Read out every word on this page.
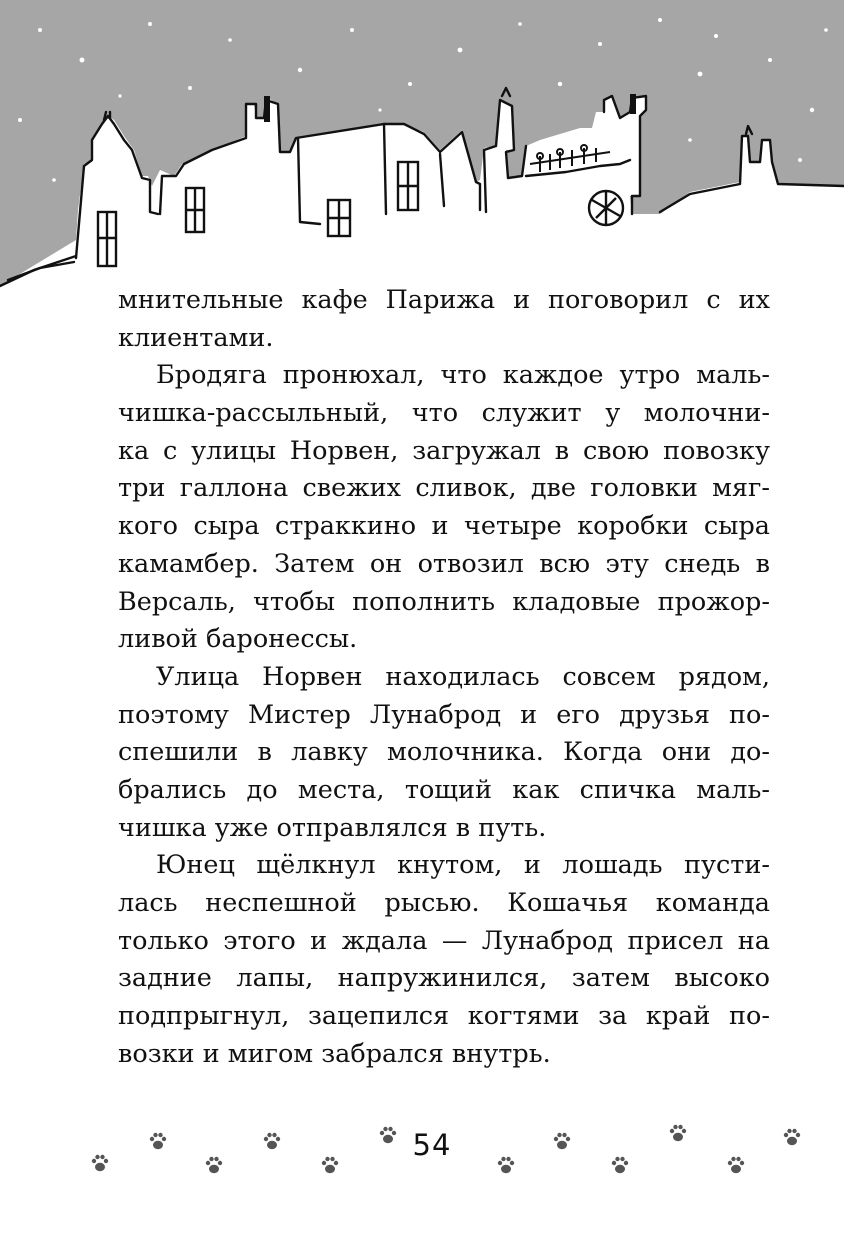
мнительные кафе Парижа и поговорил с их
клиентами.
Бродяга пронюхал, что каждое утро маль-
чишка-рассыльный, что служит у молочни-
ка с улицы Норвен, загружал в свою повозку
три галлона свежих сливок, две головки мяг-
кого сыра страккино и четыре коробки сыра
камамбер. Затем он отвозил всю эту снедь в
Версаль, чтобы пополнить кладовые прожор-
ливой баронессы.
Улица Норвен находилась совсем рядом,
поэтому Мистер Лунаброд и его друзья по-
спешили в лавку молочника. Когда они до-
брались до места, тощий как спичка маль-
чишка уже отправлялся в путь.
Юнец щёлкнул кнутом, и лошадь пусти-
лась неспешной рысью. Кошачья команда
только этого и ждала — Лунаброд присел на
задние лапы, напружинился, затем высоко
подпрыгнул, зацепился когтями за край по-
возки и мигом забрался внутрь.
54
